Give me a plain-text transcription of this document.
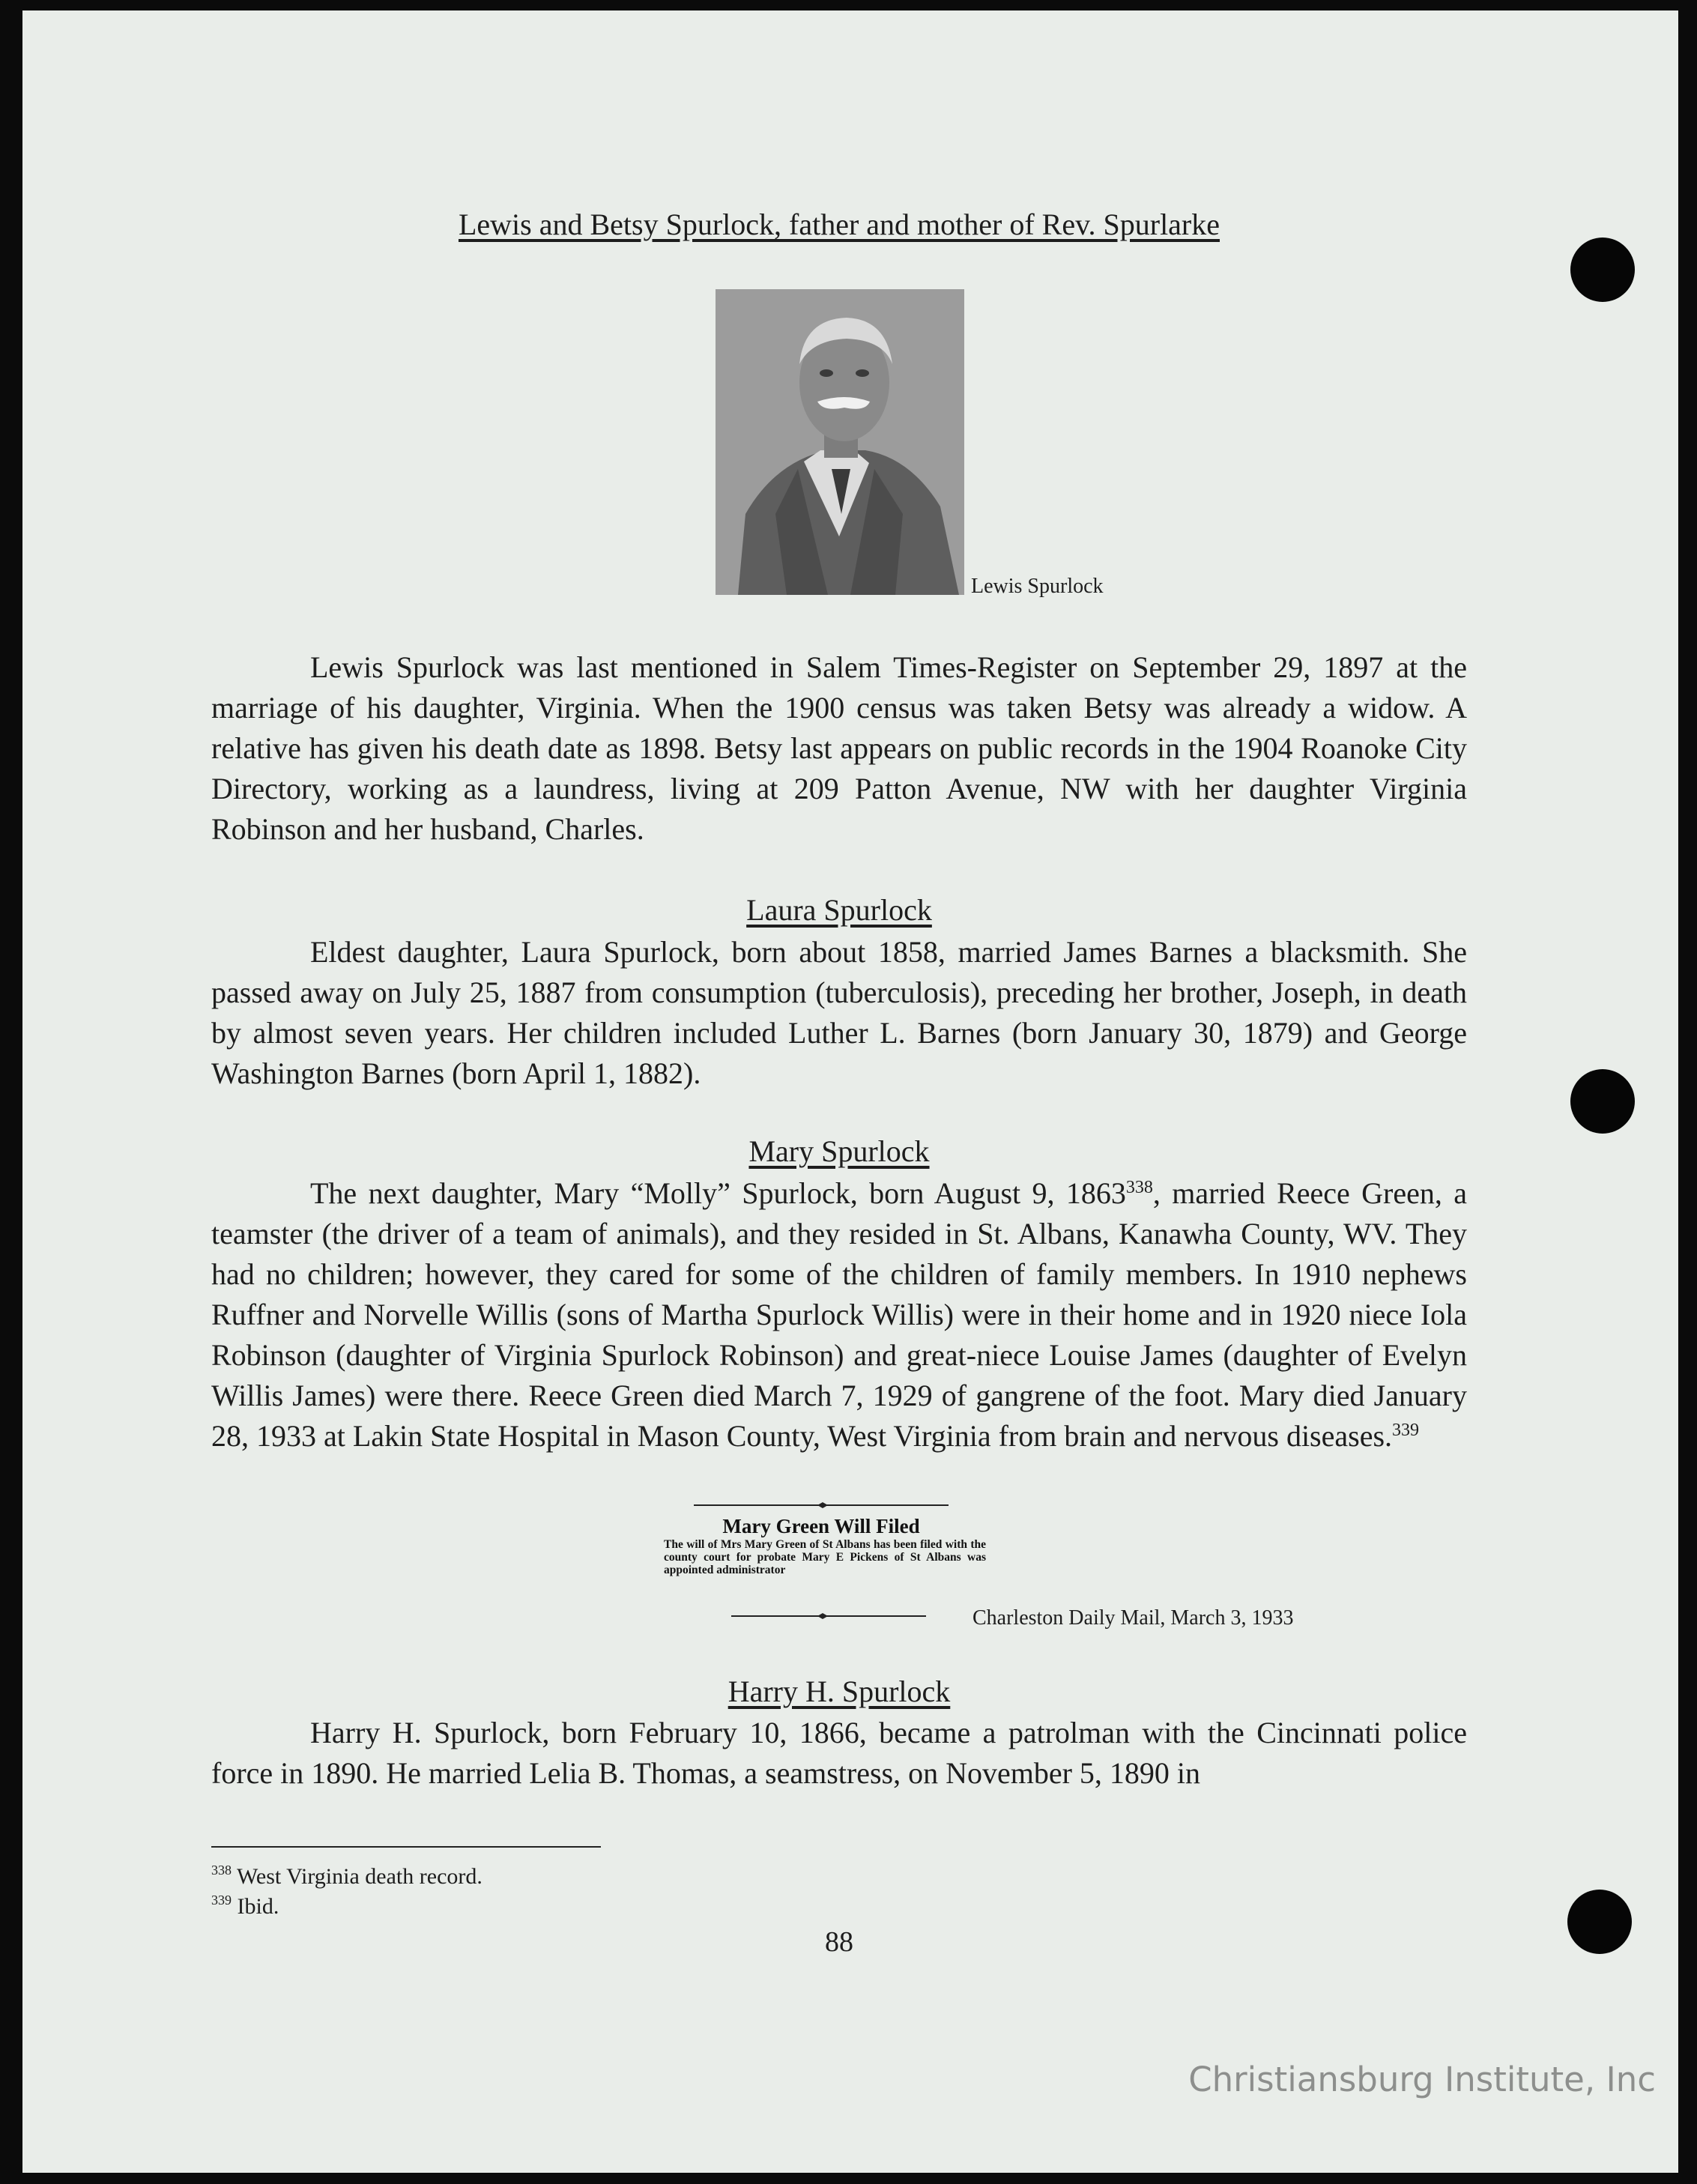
Lewis and Betsy Spurlock, father and mother of Rev. Spurlarke
Lewis Spurlock

Lewis Spurlock was last mentioned in Salem Times-Register on September 29, 1897 at the marriage of his daughter, Virginia. When the 1900 census was taken Betsy was already a widow. A relative has given his death date as 1898. Betsy last appears on public records in the 1904 Roanoke City Directory, working as a laundress, living at 209 Patton Avenue, NW with her daughter Virginia Robinson and her husband, Charles.

Laura Spurlock

Eldest daughter, Laura Spurlock, born about 1858, married James Barnes a blacksmith. She passed away on July 25, 1887 from consumption (tuberculosis), preceding her brother, Joseph, in death by almost seven years. Her children included Luther L. Barnes (born January 30, 1879) and George Washington Barnes (born April 1, 1882).

Mary Spurlock

The next daughter, Mary “Molly” Spurlock, born August 9, 1863$^{338}$, married Reece Green, a teamster (the driver of a team of animals), and they resided in St. Albans, Kanawha County, WV. They had no children; however, they cared for some of the children of family members. In 1910 nephews Ruffner and Norvelle Willis (sons of Martha Spurlock Willis) were in their home and in 1920 niece Iola Robinson (daughter of Virginia Spurlock Robinson) and great-niece Louise James (daughter of Evelyn Willis James) were there. Reece Green died March 7, 1929 of gangrene of the foot. Mary died January 28, 1933 at Lakin State Hospital in Mason County, West Virginia from brain and nervous diseases.$^{339}$

Mary Green Will Filed
The will of Mrs Mary Green of St Albans has been filed with the county court for probate Mary E Pickens of St Albans was appointed administrator
Charleston Daily Mail, March 3, 1933
Harry H. Spurlock

Harry H. Spurlock, born February 10, 1866, became a patrolman with the Cincinnati police force in 1890. He married Lelia B. Thomas, a seamstress, on November 5, 1890 in

$^{338}$ West Virginia death record.
$^{339}$ Ibid.
88
Christiansburg Institute, Inc
